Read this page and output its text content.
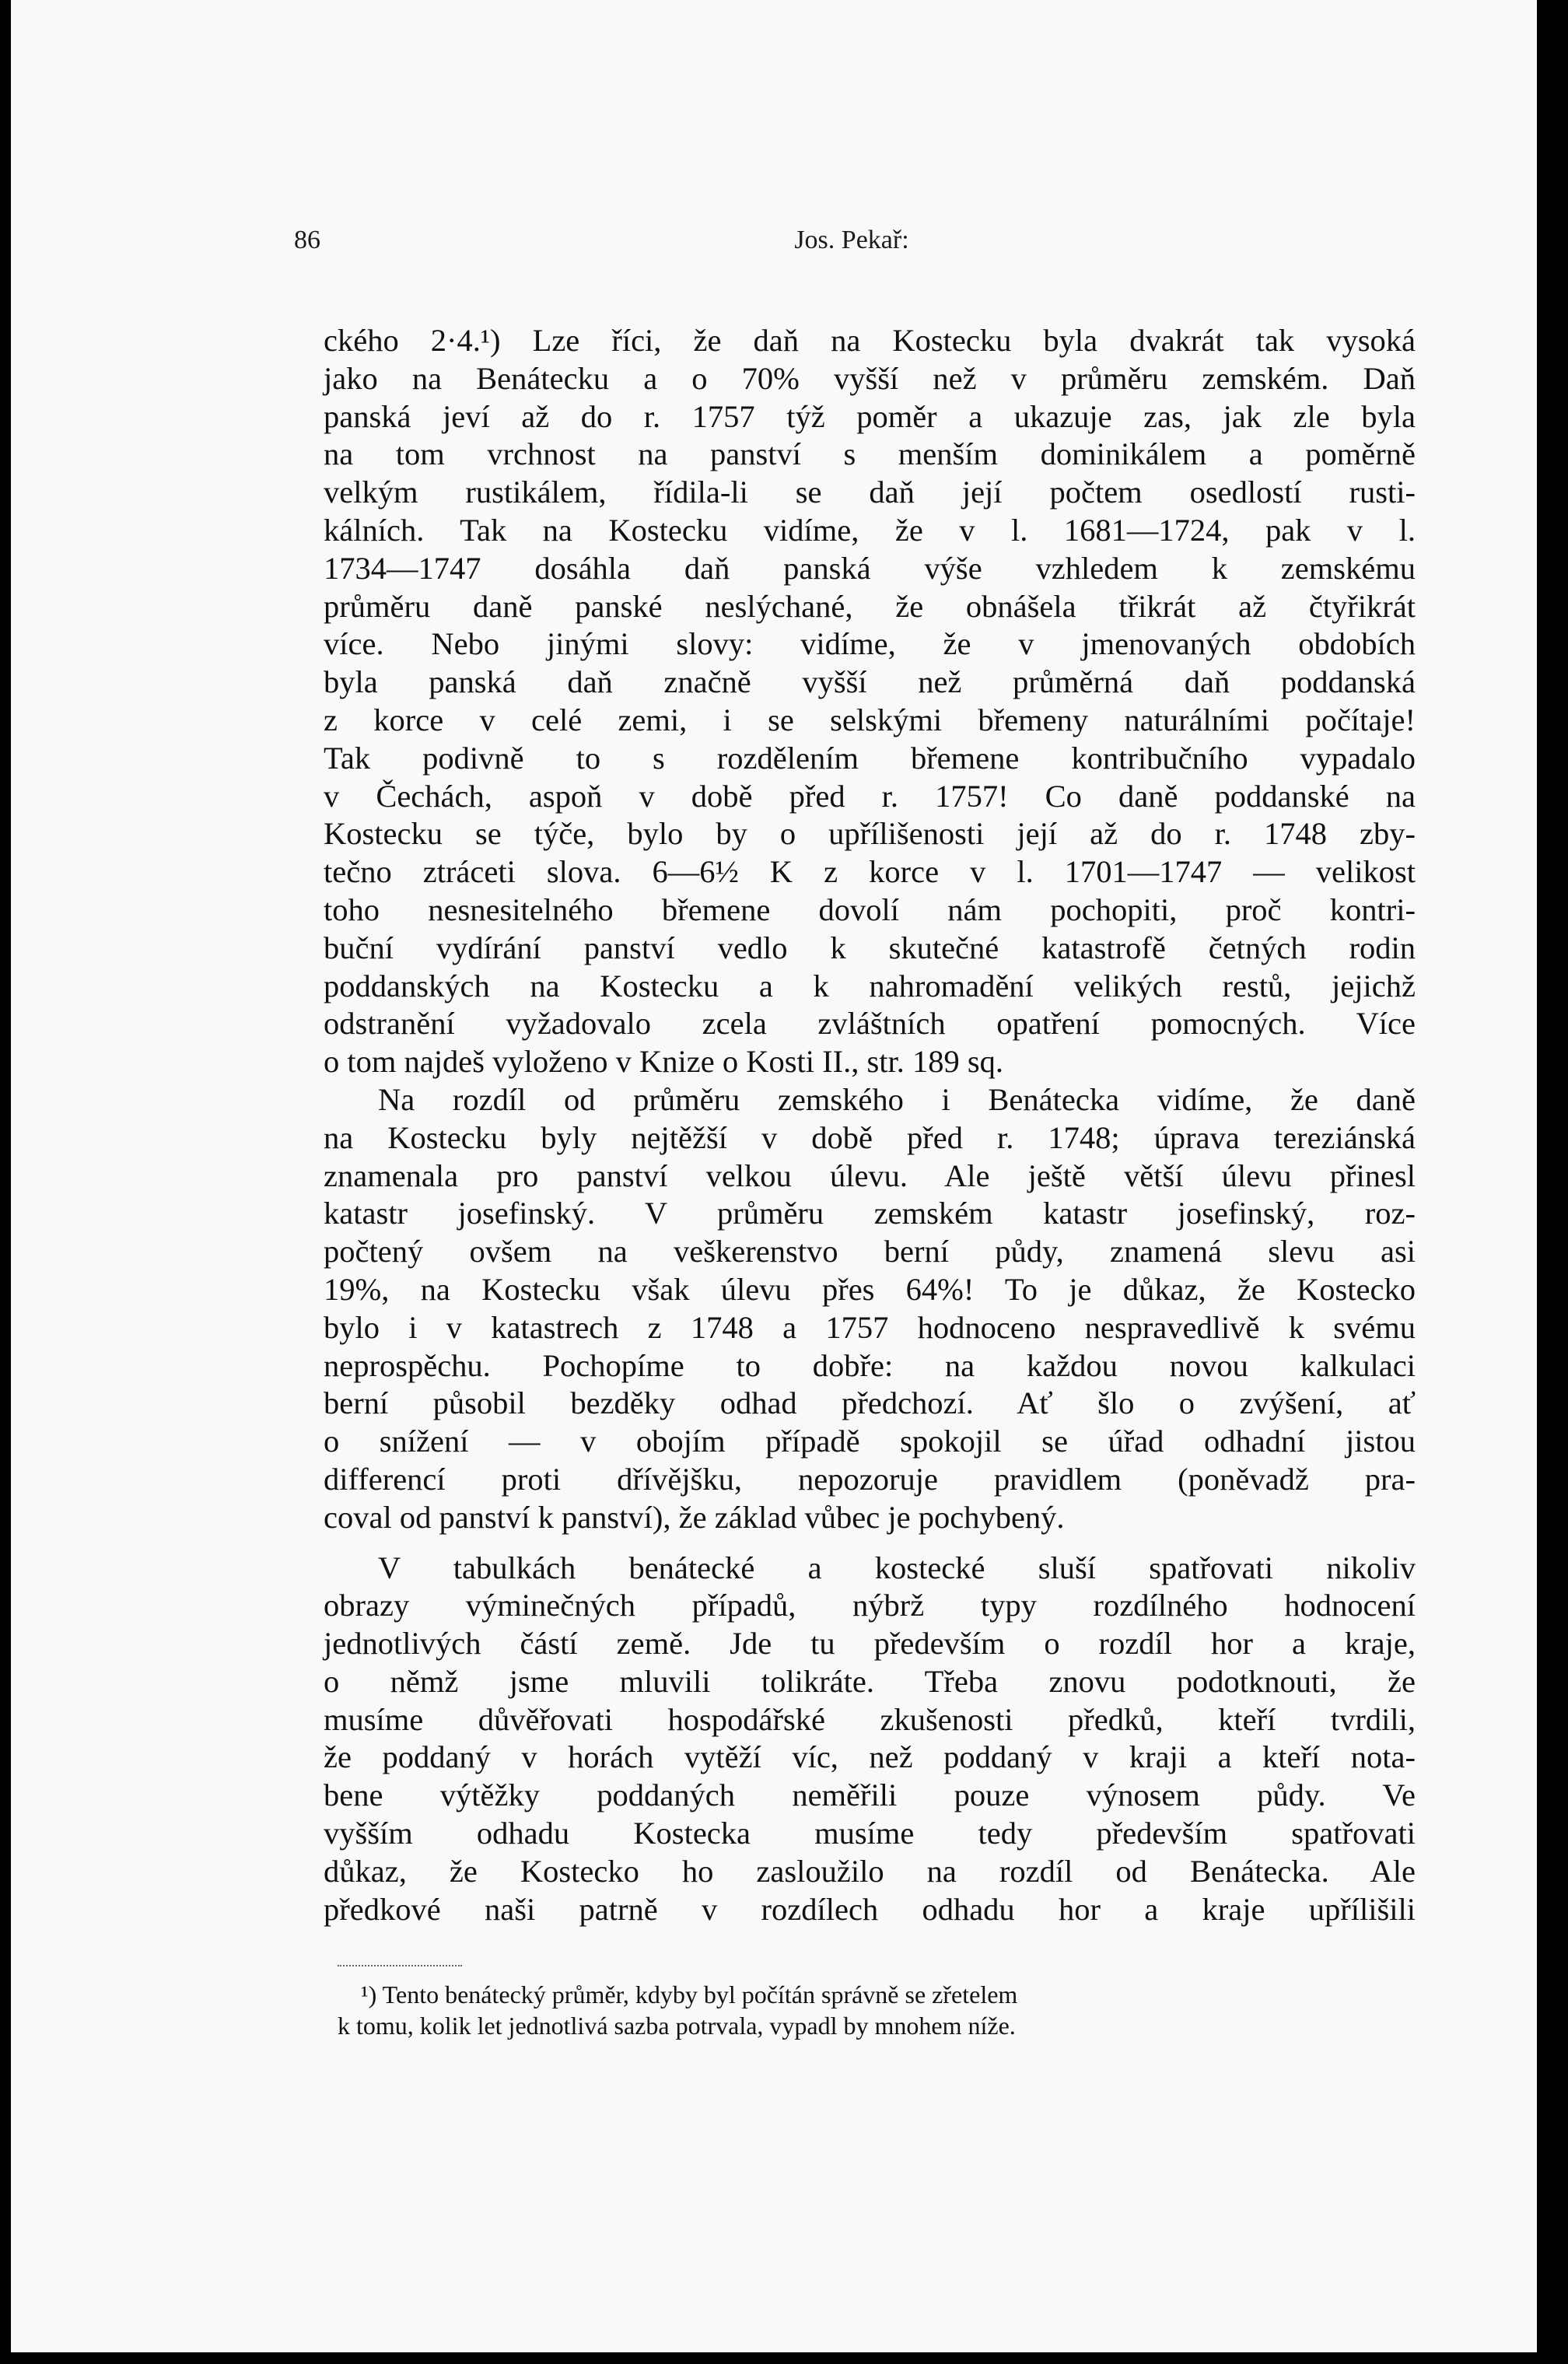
86	Jos. Pekař:
ckého 2·4.¹) Lze říci, že daň na Kostecku byla dvakrát tak vysoká
jako na Benátecku a o 70% vyšší než v průměru zemském. Daň
panská jeví až do r. 1757 týž poměr a ukazuje zas, jak zle byla
na tom vrchnost na panství s menším dominikálem a poměrně
velkým rustikálem, řídila-li se daň její počtem osedlostí rusti-
kálních. Tak na Kostecku vidíme, že v l. 1681—1724, pak v l.
1734—1747 dosáhla daň panská výše vzhledem k zemskému
průměru daně panské neslýchané, že obnášela třikrát až čtyřikrát
více. Nebo jinými slovy: vidíme, že v jmenovaných obdobích
byla panská daň značně vyšší než průměrná daň poddanská
z korce v celé zemi, i se selskými břemeny naturálními počítaje!
Tak podivně to s rozdělením břemene kontribučního vypadalo
v Čechách, aspoň v době před r. 1757! Co daně poddanské na
Kostecku se týče, bylo by o upřílišenosti její až do r. 1748 zby-
tečno ztráceti slova. 6—6½ K z korce v l. 1701—1747 — velikost
toho nesnesitelného břemene dovolí nám pochopiti, proč kontri-
buční vydírání panství vedlo k skutečné katastrofě četných rodin
poddanských na Kostecku a k nahromadění velikých restů, jejichž
odstranění vyžadovalo zcela zvláštních opatření pomocných. Více
o tom najdeš vyloženo v Knize o Kosti II., str. 189 sq.
Na rozdíl od průměru zemského i Benátecka vidíme, že daně
na Kostecku byly nejtěžší v době před r. 1748; úprava tereziánská
znamenala pro panství velkou úlevu. Ale ještě větší úlevu přinesl
katastr josefinský. V průměru zemském katastr josefinský, roz-
počtený ovšem na veškerenstvo berní půdy, znamená slevu asi
19%, na Kostecku však úlevu přes 64%! To je důkaz, že Kostecko
bylo i v katastrech z 1748 a 1757 hodnoceno nespravedlivě k svému
neprospěchu. Pochopíme to dobře: na každou novou kalkulaci
berní působil bezděky odhad předchozí. Ať šlo o zvýšení, ať
o snížení — v obojím případě spokojil se úřad odhadní jistou
differencí proti dřívějšku, nepozoruje pravidlem (poněvadž pra-
coval od panství k panství), že základ vůbec je pochybený.
V tabulkách benátecké a kostecké sluší spatřovati nikoliv
obrazy výminečných případů, nýbrž typy rozdílného hodnocení
jednotlivých částí země. Jde tu především o rozdíl hor a kraje,
o němž jsme mluvili tolikráte. Třeba znovu podotknouti, že
musíme důvěřovati hospodářské zkušenosti předků, kteří tvrdili,
že poddaný v horách vytěží víc, než poddaný v kraji a kteří nota-
bene výtěžky poddaných neměřili pouze výnosem půdy. Ve
vyšším odhadu Kostecka musíme tedy především spatřovati
důkaz, že Kostecko ho zasloužilo na rozdíl od Benátecka. Ale
předkové naši patrně v rozdílech odhadu hor a kraje upřílišili
¹) Tento benátecký průměr, kdyby byl počítán správně se zřetelem
k tomu, kolik let jednotlivá sazba potrvala, vypadl by mnohem níže.
